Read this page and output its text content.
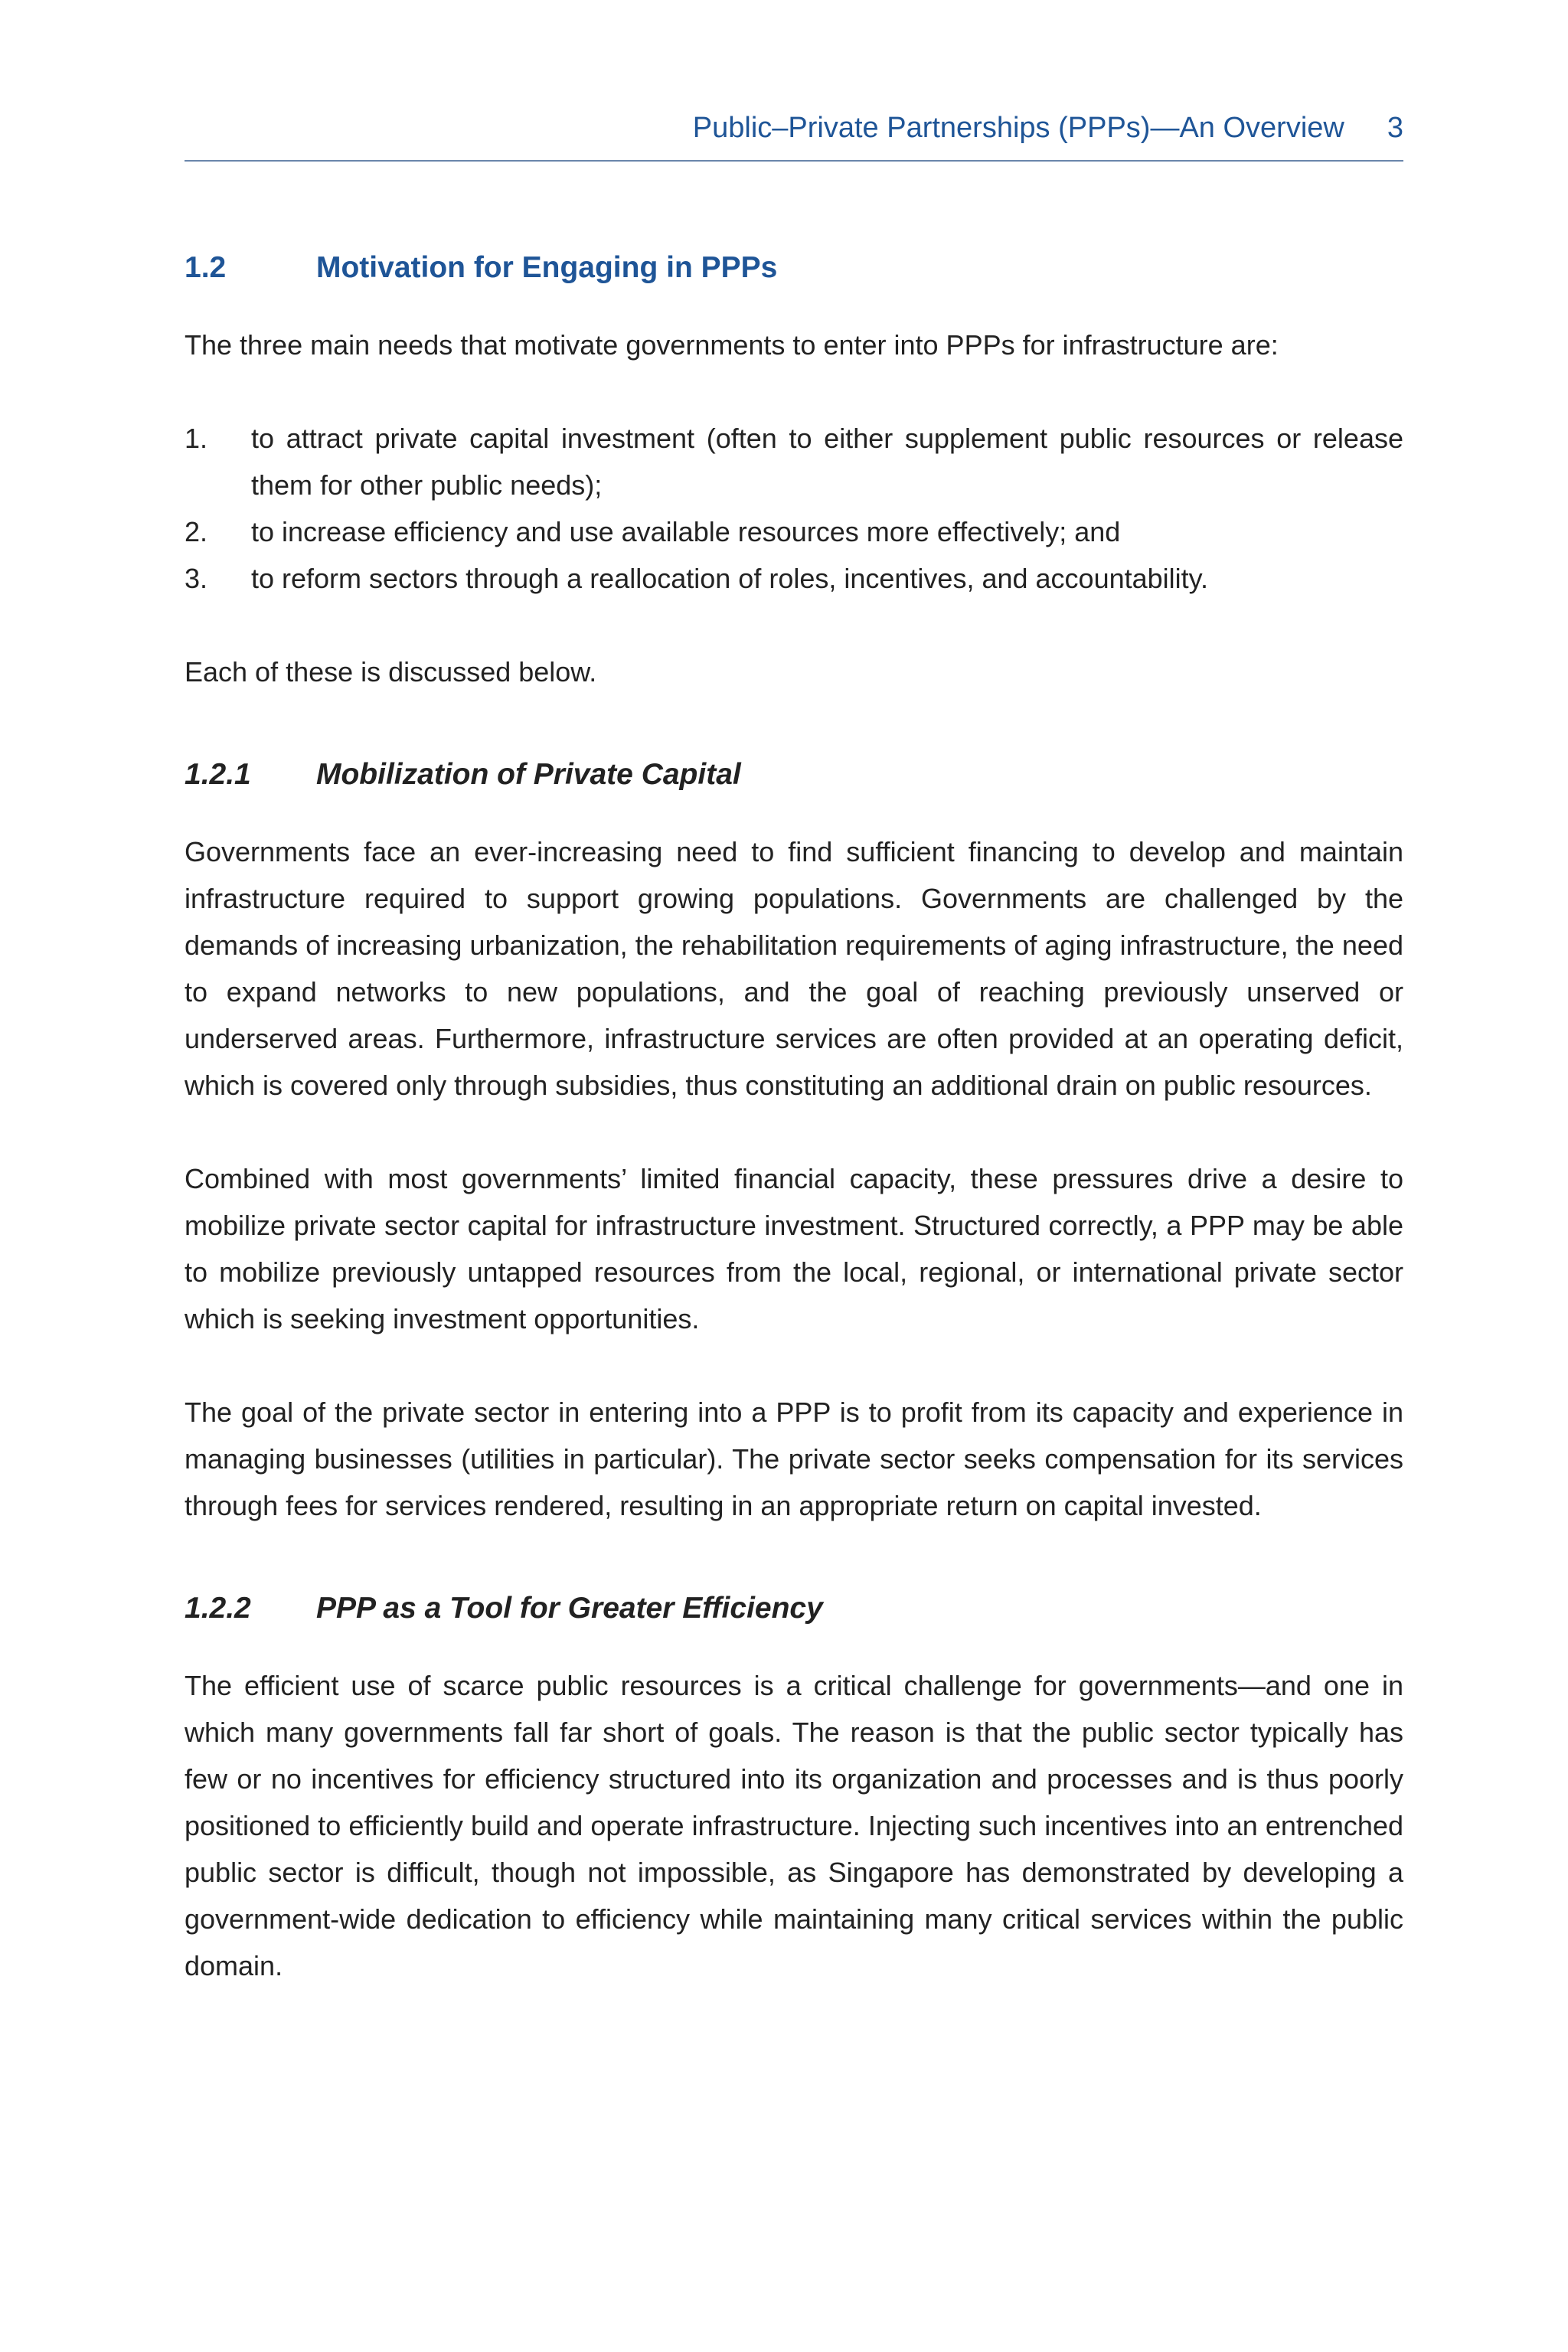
Public–Private Partnerships (PPPs)—An Overview 3
1.2	Motivation for Engaging in PPPs

The three main needs that motivate governments to enter into PPPs for infrastructure are:

1.	to attract private capital investment (often to either supplement public resources or release them for other public needs);
2.	to increase efficiency and use available resources more effectively; and
3.	to reform sectors through a reallocation of roles, incentives, and accountability.

Each of these is discussed below.

1.2.1	Mobilization of Private Capital

Governments face an ever-increasing need to find sufficient financing to develop and maintain infrastructure required to support growing populations. Governments are challenged by the demands of increasing urbanization, the rehabilitation requirements of aging infrastructure, the need to expand networks to new populations, and the goal of reaching previously unserved or underserved areas. Furthermore, infrastructure services are often provided at an operating deficit, which is covered only through subsidies, thus constituting an additional drain on public resources.

Combined with most governments’ limited financial capacity, these pressures drive a desire to mobilize private sector capital for infrastructure investment. Structured correctly, a PPP may be able to mobilize previously untapped resources from the local, regional, or international private sector which is seeking investment opportunities.

The goal of the private sector in entering into a PPP is to profit from its capacity and experience in managing businesses (utilities in particular). The private sector seeks compensation for its services through fees for services rendered, resulting in an appropriate return on capital invested.

1.2.2	PPP as a Tool for Greater Efficiency

The efficient use of scarce public resources is a critical challenge for governments—and one in which many governments fall far short of goals. The reason is that the public sector typically has few or no incentives for efficiency structured into its organization and processes and is thus poorly positioned to efficiently build and operate infrastructure. Injecting such incentives into an entrenched public sector is difficult, though not impossible, as Singapore has demonstrated by developing a government-wide dedication to efficiency while maintaining many critical services within the public domain.
